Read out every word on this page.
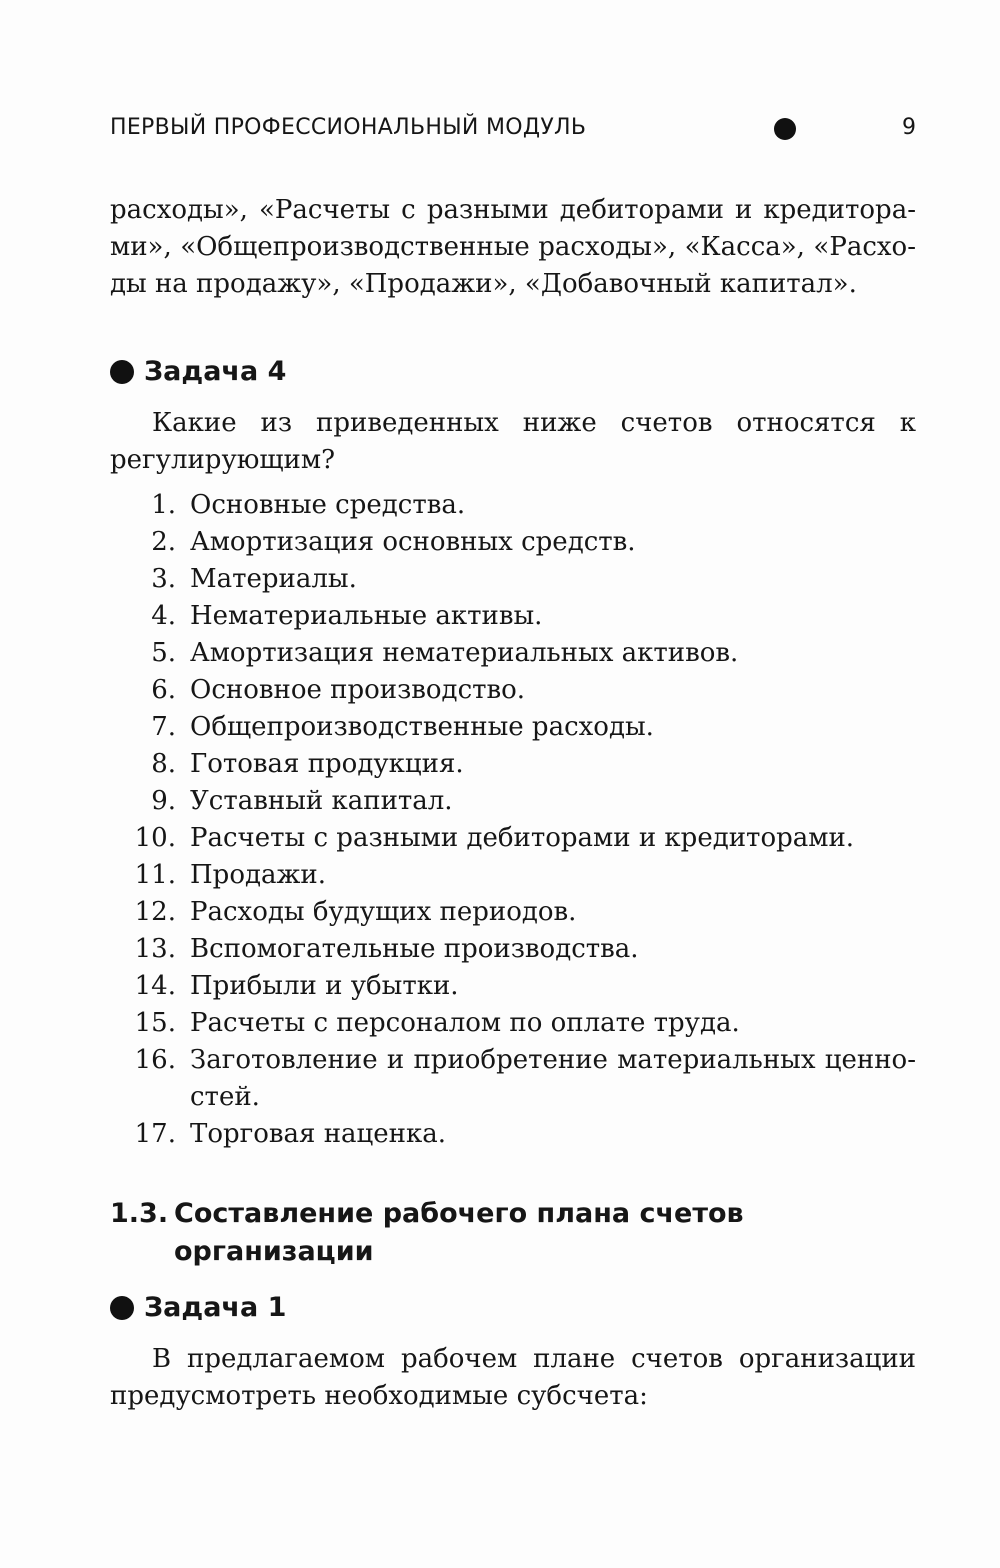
ПЕРВЫЙ ПРОФЕССИОНАЛЬНЫЙ МОДУЛЬ	9

расходы», «Расчеты с разными дебиторами и кредиторами», «Общепроизводственные расходы», «Касса», «Расходы на продажу», «Продажи», «Добавочный капитал».

Задача 4

Какие из приведенных ниже счетов относятся к регулирующим?

1. Основные средства.
2. Амортизация основных средств.
3. Материалы.
4. Нематериальные активы.
5. Амортизация нематериальных активов.
6. Основное производство.
7. Общепроизводственные расходы.
8. Готовая продукция.
9. Уставный капитал.
10. Расчеты с разными дебиторами и кредиторами.
11. Продажи.
12. Расходы будущих периодов.
13. Вспомогательные производства.
14. Прибыли и убытки.
15. Расчеты с персоналом по оплате труда.
16. Заготовление и приобретение материальных ценностей.
17. Торговая наценка.
1.3. Составление рабочего плана счетов организации
Задача 1

В предлагаемом рабочем плане счетов организации предусмотреть необходимые субсчета:
